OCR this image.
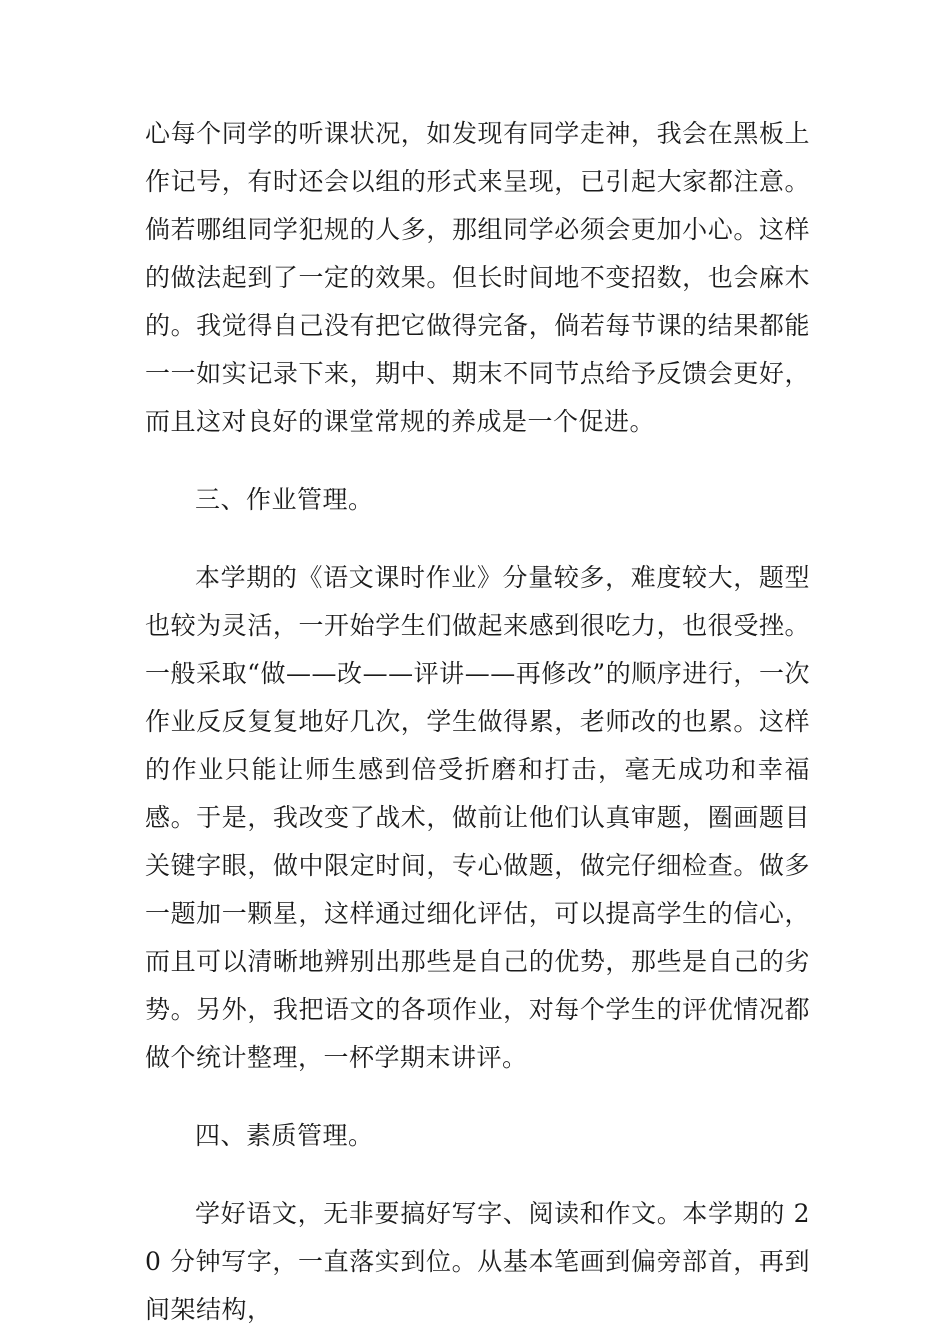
心每个同学的听课状况，如发现有同学走神，我会在黑板上作记号，有时还会以组的形式来呈现，已引起大家都注意。倘若哪组同学犯规的人多，那组同学必须会更加小心。这样的做法起到了一定的效果。但长时间地不变招数，也会麻木的。我觉得自己没有把它做得完备，倘若每节课的结果都能一一如实记录下来，期中、期末不同节点给予反馈会更好，而且这对良好的课堂常规的养成是一个促进。

三、作业管理。

本学期的《语文课时作业》分量较多，难度较大，题型也较为灵活，一开始学生们做起来感到很吃力，也很受挫。一般采取“做——改——评讲——再修改”的顺序进行，一次作业反反复复地好几次，学生做得累，老师改的也累。这样的作业只能让师生感到倍受折磨和打击，毫无成功和幸福感。于是，我改变了战术，做前让他们认真审题，圈画题目关键字眼，做中限定时间，专心做题，做完仔细检查。做多一题加一颗星，这样通过细化评估，可以提高学生的信心，而且可以清晰地辨别出那些是自己的优势，那些是自己的劣势。另外，我把语文的各项作业，对每个学生的评优情况都做个统计整理，一杯学期末讲评。

四、素质管理。

学好语文，无非要搞好写字、阅读和作文。本学期的 20 分钟写字，一直落实到位。从基本笔画到偏旁部首，再到间架结构，
